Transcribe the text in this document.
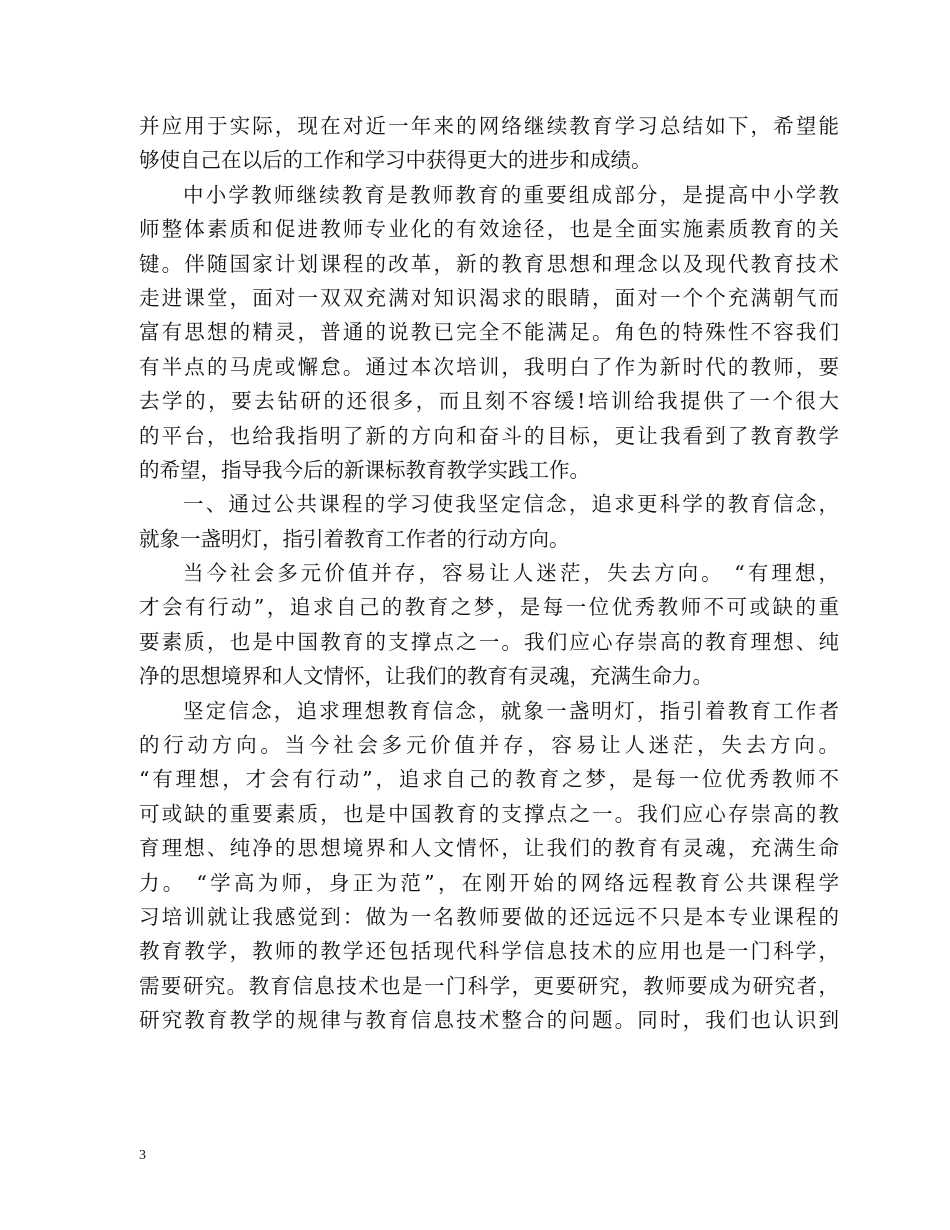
并应用于实际，现在对近一年来的网络继续教育学习总结如下，希望能
够使自己在以后的工作和学习中获得更大的进步和成绩。
中小学教师继续教育是教师教育的重要组成部分，是提高中小学教
师整体素质和促进教师专业化的有效途径，也是全面实施素质教育的关
键。伴随国家计划课程的改革，新的教育思想和理念以及现代教育技术
走进课堂，面对一双双充满对知识渴求的眼睛，面对一个个充满朝气而
富有思想的精灵，普通的说教已完全不能满足。角色的特殊性不容我们
有半点的马虎或懈怠。通过本次培训，我明白了作为新时代的教师，要
去学的，要去钻研的还很多，而且刻不容缓!培训给我提供了一个很大
的平台，也给我指明了新的方向和奋斗的目标，更让我看到了教育教学
的希望，指导我今后的新课标教育教学实践工作。
一、通过公共课程的学习使我坚定信念，追求更科学的教育信念，
就象一盏明灯，指引着教育工作者的行动方向。
当今社会多元价值并存，容易让人迷茫，失去方向。 “有理想，
才会有行动”，追求自己的教育之梦，是每一位优秀教师不可或缺的重
要素质，也是中国教育的支撑点之一。我们应心存崇高的教育理想、纯
净的思想境界和人文情怀，让我们的教育有灵魂，充满生命力。
坚定信念，追求理想教育信念，就象一盏明灯，指引着教育工作者
的行动方向。当今社会多元价值并存，容易让人迷茫，失去方向。
“有理想，才会有行动”，追求自己的教育之梦，是每一位优秀教师不
可或缺的重要素质，也是中国教育的支撑点之一。我们应心存崇高的教
育理想、纯净的思想境界和人文情怀，让我们的教育有灵魂，充满生命
力。 “学高为师，身正为范”，在刚开始的网络远程教育公共课程学
习培训就让我感觉到：做为一名教师要做的还远远不只是本专业课程的
教育教学，教师的教学还包括现代科学信息技术的应用也是一门科学，
需要研究。教育信息技术也是一门科学，更要研究，教师要成为研究者，
研究教育教学的规律与教育信息技术整合的问题。同时，我们也认识到
3
